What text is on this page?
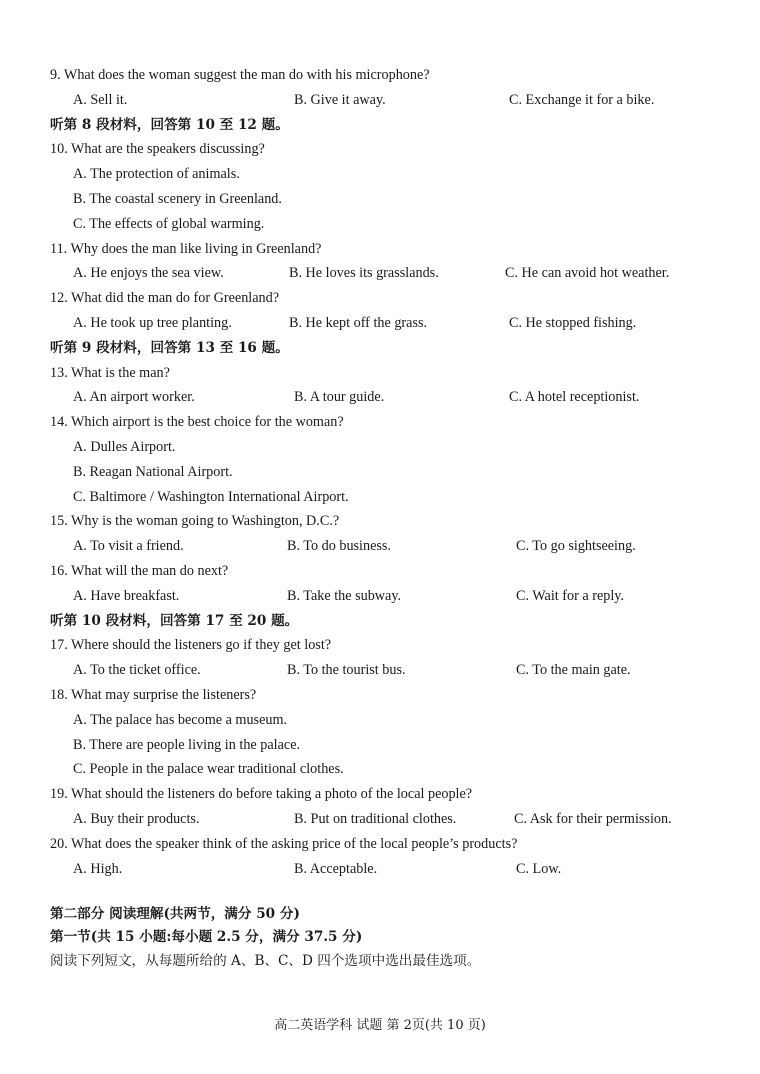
9. What does the woman suggest the man do with his microphone?
A. Sell it.	B. Give it away.	C. Exchange it for a bike.
听第 8 段材料，回答第 10 至 12 题。
10. What are the speakers discussing?
A. The protection of animals.
B. The coastal scenery in Greenland.
C. The effects of global warming.
11. Why does the man like living in Greenland?
A. He enjoys the sea view.	B. He loves its grasslands.	C. He can avoid hot weather.
12. What did the man do for Greenland?
A. He took up tree planting.	B. He kept off the grass.	C. He stopped fishing.
听第 9 段材料，回答第 13 至 16 题。
13. What is the man?
A. An airport worker.	B. A tour guide.	C. A hotel receptionist.
14. Which airport is the best choice for the woman?
A. Dulles Airport.
B. Reagan National Airport.
C. Baltimore / Washington International Airport.
15. Why is the woman going to Washington, D.C.?
A. To visit a friend.	B. To do business.	C. To go sightseeing.
16. What will the man do next?
A. Have breakfast.	B. Take the subway.	C. Wait for a reply.
听第 10 段材料，回答第 17 至 20 题。
17. Where should the listeners go if they get lost?
A. To the ticket office.	B. To the tourist bus.	C. To the main gate.
18. What may surprise the listeners?
A. The palace has become a museum.
B. There are people living in the palace.
C. People in the palace wear traditional clothes.
19. What should the listeners do before taking a photo of the local people?
A. Buy their products.	B. Put on traditional clothes.	C. Ask for their permission.
20. What does the speaker think of the asking price of the local people’s products?
A. High.	B. Acceptable.	C. Low.
第二部分 阅读理解(共两节，满分 50 分)
第一节(共 15 小题:每小题 2.5 分，满分 37.5 分)
阅读下列短文，从每题所给的 A、B、C、D 四个选项中选出最佳选项。
高二英语学科 试题 第 2页(共 10 页)
